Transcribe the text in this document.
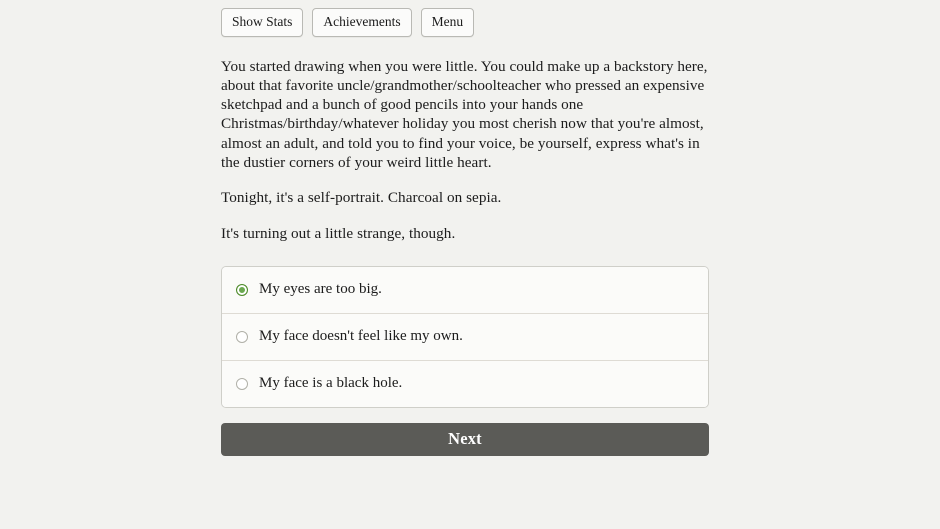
Show Stats	Achievements	Menu

You started drawing when you were little. You could make up a backstory here, about that favorite uncle/grandmother/schoolteacher who pressed an expensive sketchpad and a bunch of good pencils into your hands one Christmas/birthday/whatever holiday you most cherish now that you're almost, almost an adult, and told you to find your voice, be yourself, express what's in the dustier corners of your weird little heart.

Tonight, it's a self-portrait. Charcoal on sepia.

It's turning out a little strange, though.

My eyes are too big.
My face doesn't feel like my own.
My face is a black hole.
Next
